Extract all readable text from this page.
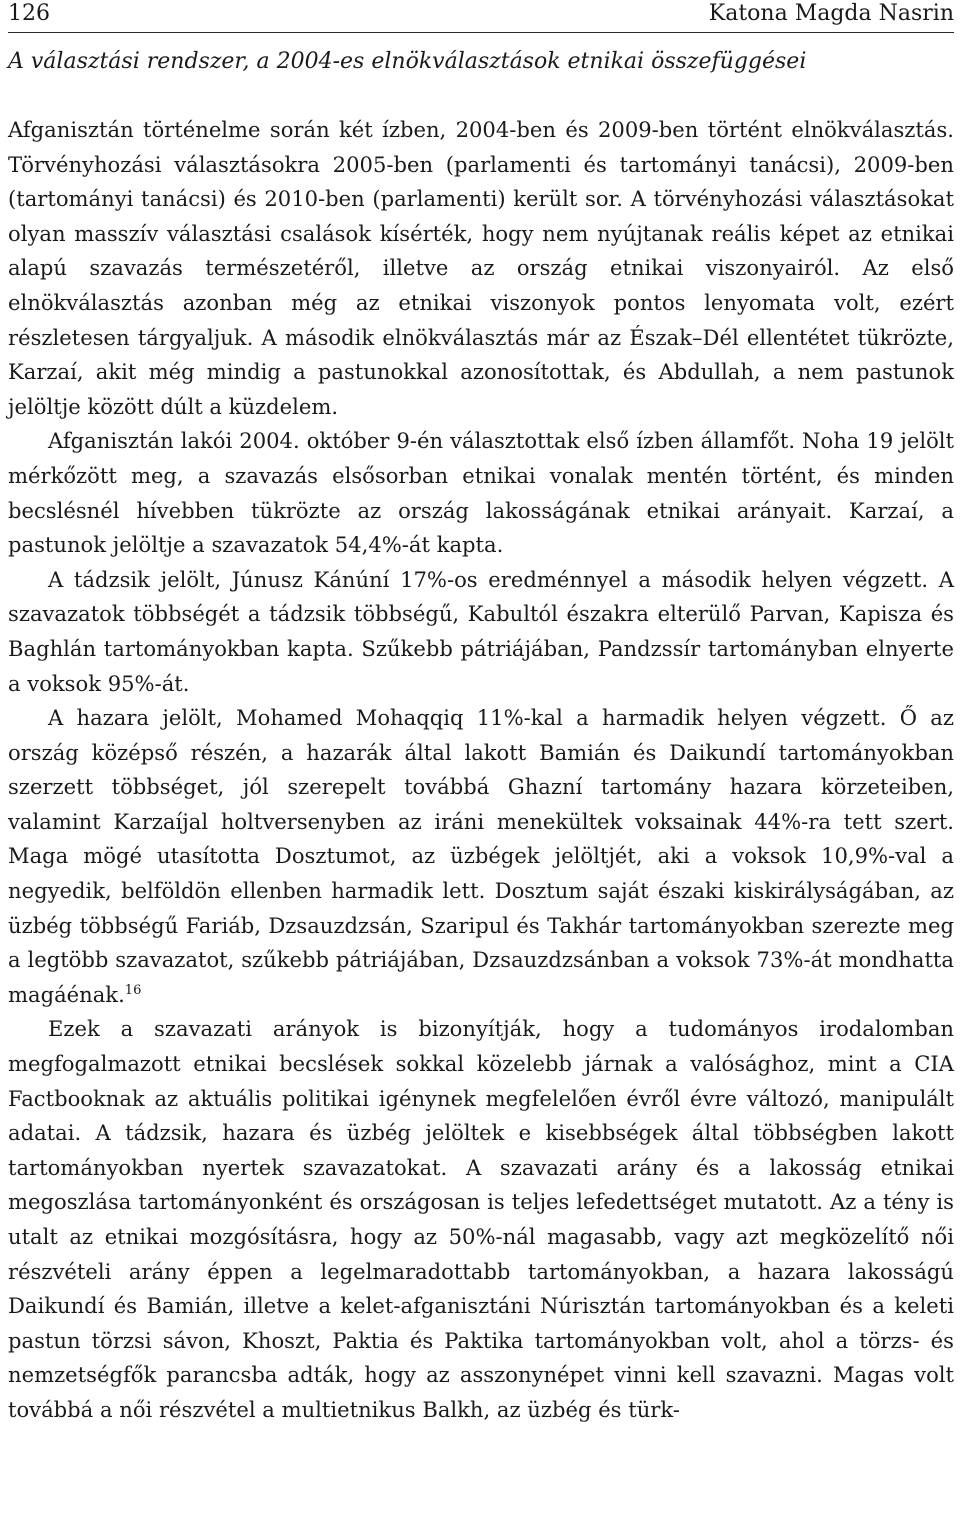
126	Katona Magda Nasrin
A választási rendszer, a 2004-es elnökválasztások etnikai összefüggései

Afganisztán történelme során két ízben, 2004-ben és 2009-ben történt elnökválasztás. Törvényhozási választásokra 2005-ben (parlamenti és tartományi tanácsi), 2009-ben (tartományi tanácsi) és 2010-ben (parlamenti) került sor. A törvényhozási választásokat olyan masszív választási csalások kísérték, hogy nem nyújtanak reális képet az etnikai alapú szavazás természetéről, illetve az ország etnikai viszonyairól. Az első elnökválasztás azonban még az etnikai viszonyok pontos lenyomata volt, ezért részletesen tárgyaljuk. A második elnökválasztás már az Észak–Dél ellentétet tükrözte, Karzaí, akit még mindig a pastunokkal azonosítottak, és Abdullah, a nem pastunok jelöltje között dúlt a küzdelem.

Afganisztán lakói 2004. október 9-én választottak első ízben államfőt. Noha 19 jelölt mérkőzött meg, a szavazás elsősorban etnikai vonalak mentén történt, és minden becslésnél hívebben tükrözte az ország lakosságának etnikai arányait. Karzaí, a pastunok jelöltje a szavazatok 54,4%-át kapta.

A tádzsik jelölt, Júnusz Kánúní 17%-os eredménnyel a második helyen végzett. A szavazatok többségét a tádzsik többségű, Kabultól északra elterülő Parvan, Kapisza és Baghlán tartományokban kapta. Szűkebb pátriájában, Pandzssír tartományban elnyerte a voksok 95%-át.

A hazara jelölt, Mohamed Mohaqqiq 11%-kal a harmadik helyen végzett. Ő az ország középső részén, a hazarák által lakott Bamián és Daikundí tartományokban szerzett többséget, jól szerepelt továbbá Ghazní tartomány hazara körzeteiben, valamint Karzaíjal holtversenyben az iráni menekültek voksainak 44%-ra tett szert. Maga mögé utasította Dosztumot, az üzbégek jelöltjét, aki a voksok 10,9%-val a negyedik, belföldön ellenben harmadik lett. Dosztum saját északi kiskirályságában, az üzbég többségű Fariáb, Dzsauzdzsán, Szaripul és Takhár tartományokban szerezte meg a legtöbb szavazatot, szűkebb pátriájában, Dzsauzdzsánban a voksok 73%-át mondhatta magáénak.$^{16}$

Ezek a szavazati arányok is bizonyítják, hogy a tudományos irodalomban megfogalmazott etnikai becslések sokkal közelebb járnak a valósághoz, mint a CIA Factbooknak az aktuális politikai igénynek megfelelően évről évre változó, manipulált adatai. A tádzsik, hazara és üzbég jelöltek e kisebbségek által többségben lakott tartományokban nyertek szavazatokat. A szavazati arány és a lakosság etnikai megoszlása tartományonként és országosan is teljes lefedettséget mutatott. Az a tény is utalt az etnikai mozgósításra, hogy az 50%-nál magasabb, vagy azt megközelítő női részvételi arány éppen a legelmaradottabb tartományokban, a hazara lakosságú Daikundí és Bamián, illetve a kelet-afganisztáni Núrisztán tartományokban és a keleti pastun törzsi sávon, Khoszt, Paktia és Paktika tartományokban volt, ahol a törzs- és nemzetségfők parancsba adták, hogy az asszonynépet vinni kell szavazni. Magas volt továbbá a női részvétel a multietnikus Balkh, az üzbég és türk-
